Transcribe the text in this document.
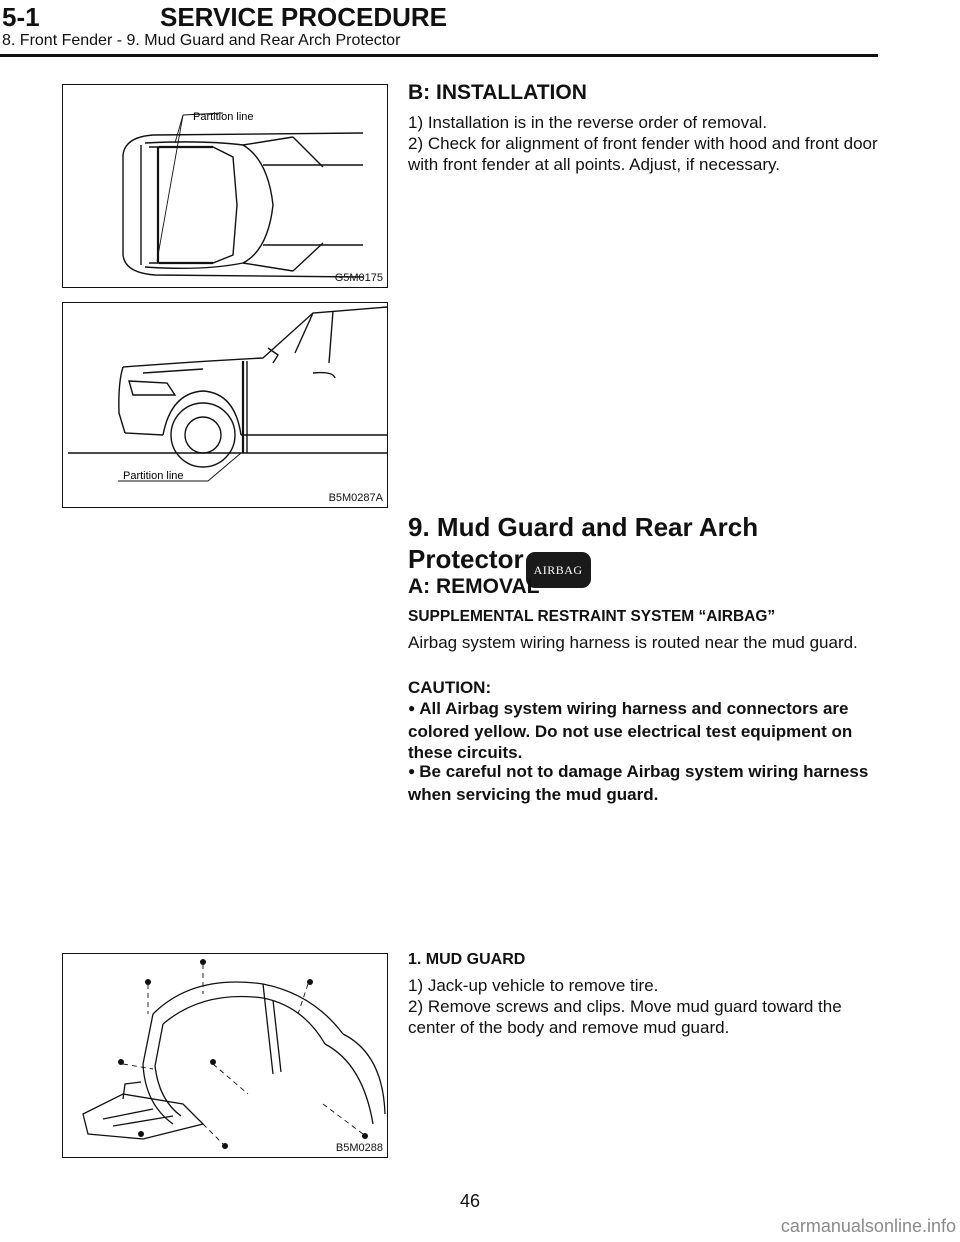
5-1	SERVICE PROCEDURE
8. Front Fender - 9. Mud Guard and Rear Arch Protector
Partition line
G5M0175
Partition line
B5M0287A
B5M0288
B: INSTALLATION
1) Installation is in the reverse order of removal.
2) Check for alignment of front fender with hood and front door with front fender at all points. Adjust, if necessary.
9. Mud Guard and Rear Arch
Protector AIRBAG
A: REMOVAL
SUPPLEMENTAL RESTRAINT SYSTEM “AIRBAG”
Airbag system wiring harness is routed near the mud guard.
CAUTION:
● All Airbag system wiring harness and connectors are colored yellow. Do not use electrical test equipment on these circuits.
● Be careful not to damage Airbag system wiring harness when servicing the mud guard.
1. MUD GUARD
1) Jack-up vehicle to remove tire.
2) Remove screws and clips. Move mud guard toward the center of the body and remove mud guard.
46
carmanualsonline.info
